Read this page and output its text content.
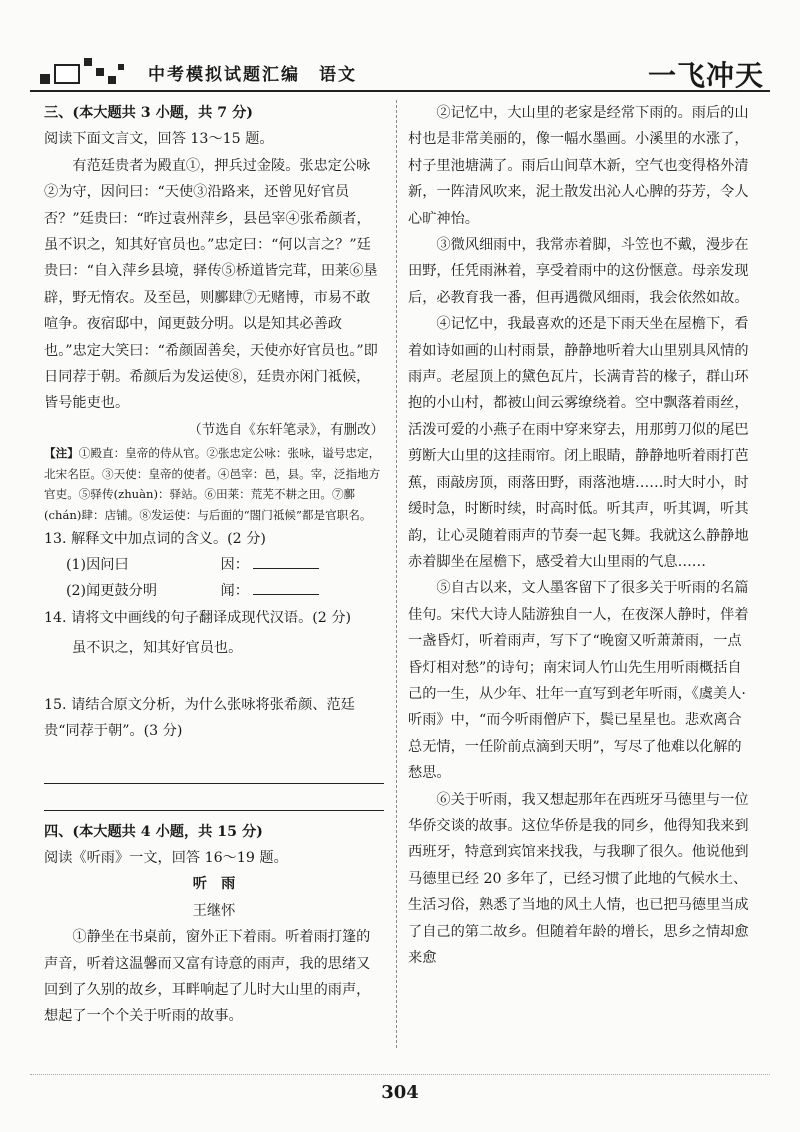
中考模拟试题汇编　语文	一飞冲天

三、(本大题共 3 小题，共 7 分)

阅读下面文言文，回答 13～15 题。

有范廷贵者为殿直①，押兵过金陵。张忠定公咏②为守，因问曰：“天使③沿路来，还曾见好官员否？”廷贵曰：“昨过袁州萍乡，县邑宰④张希颜者，虽不识之，知其好官员也。”忠定曰：“何以言之？”廷贵曰：“自入萍乡县境，驿传⑤桥道皆完茸，田莱⑥垦辟，野无惰农。及至邑，则鄽肆⑦无赌博，市易不敢喧争。夜宿邸中，闻更鼓分明。以是知其必善政也。”忠定大笑曰：“希颜固善矣，天使亦好官员也。”即日同荐于朝。希颜后为发运使⑧，廷贵亦闲门祗候，皆号能吏也。

（节选自《东轩笔录》，有删改）

【注】①殿直：皇帝的侍从官。②张忠定公咏：张咏，谥号忠定，北宋名臣。③天使：皇帝的使者。④邑宰：邑，县。宰，泛指地方官吏。⑤驿传(zhuàn)：驿站。⑥田莱：荒芜不耕之田。⑦鄽(chán)肆：店铺。⑧发运使：与后面的“閤门祗候”都是官职名。

13. 解释文中加点词的含义。(2 分)

(1)因问曰	因：

(2)闻更鼓分明	闻：

14. 请将文中画线的句子翻译成现代汉语。(2 分)

虽不识之，知其好官员也。

15. 请结合原文分析，为什么张咏将张希颜、范廷贵“同荐于朝”。(3 分)

四、(本大题共 4 小题，共 15 分)

阅读《听雨》一文，回答 16～19 题。

听　雨

王继怀

①静坐在书桌前，窗外正下着雨。听着雨打篷的声音，听着这温馨而又富有诗意的雨声，我的思绪又回到了久别的故乡，耳畔响起了儿时大山里的雨声，想起了一个个关于听雨的故事。

②记忆中，大山里的老家是经常下雨的。雨后的山村也是非常美丽的，像一幅水墨画。小溪里的水涨了，村子里池塘满了。雨后山间草木新，空气也变得格外清新，一阵清风吹来，泥土散发出沁人心脾的芬芳，令人心旷神怡。

③微风细雨中，我常赤着脚，斗笠也不戴，漫步在田野，任凭雨淋着，享受着雨中的这份惬意。母亲发现后，必教育我一番，但再遇微风细雨，我会依然如故。

④记忆中，我最喜欢的还是下雨天坐在屋檐下，看着如诗如画的山村雨景，静静地听着大山里别具风情的雨声。老屋顶上的黛色瓦片，长满青苔的椽子，群山环抱的小山村，都被山间云雾缭绕着。空中飘落着雨丝，活泼可爱的小燕子在雨中穿来穿去，用那剪刀似的尾巴剪断大山里的这挂雨帘。闭上眼睛，静静地听着雨打芭蕉，雨敲房顶，雨落田野，雨落池塘……时大时小，时缓时急，时断时续，时高时低。听其声，听其调，听其韵，让心灵随着雨声的节奏一起飞舞。我就这么静静地赤着脚坐在屋檐下，感受着大山里雨的气息……

⑤自古以来，文人墨客留下了很多关于听雨的名篇佳句。宋代大诗人陆游独自一人，在夜深人静时，伴着一盏昏灯，听着雨声，写下了“晚窗又听萧萧雨，一点昏灯相对愁”的诗句；南宋词人竹山先生用听雨概括自己的一生，从少年、壮年一直写到老年听雨，《虞美人·听雨》中，“而今听雨僧庐下，鬓已星星也。悲欢离合总无情，一任阶前点滴到天明”，写尽了他难以化解的愁思。

⑥关于听雨，我又想起那年在西班牙马德里与一位华侨交谈的故事。这位华侨是我的同乡，他得知我来到西班牙，特意到宾馆来找我，与我聊了很久。他说他到马德里已经 20 多年了，已经习惯了此地的气候水土、生活习俗，熟悉了当地的风土人情，也已把马德里当成了自己的第二故乡。但随着年龄的增长，思乡之情却愈来愈

304
